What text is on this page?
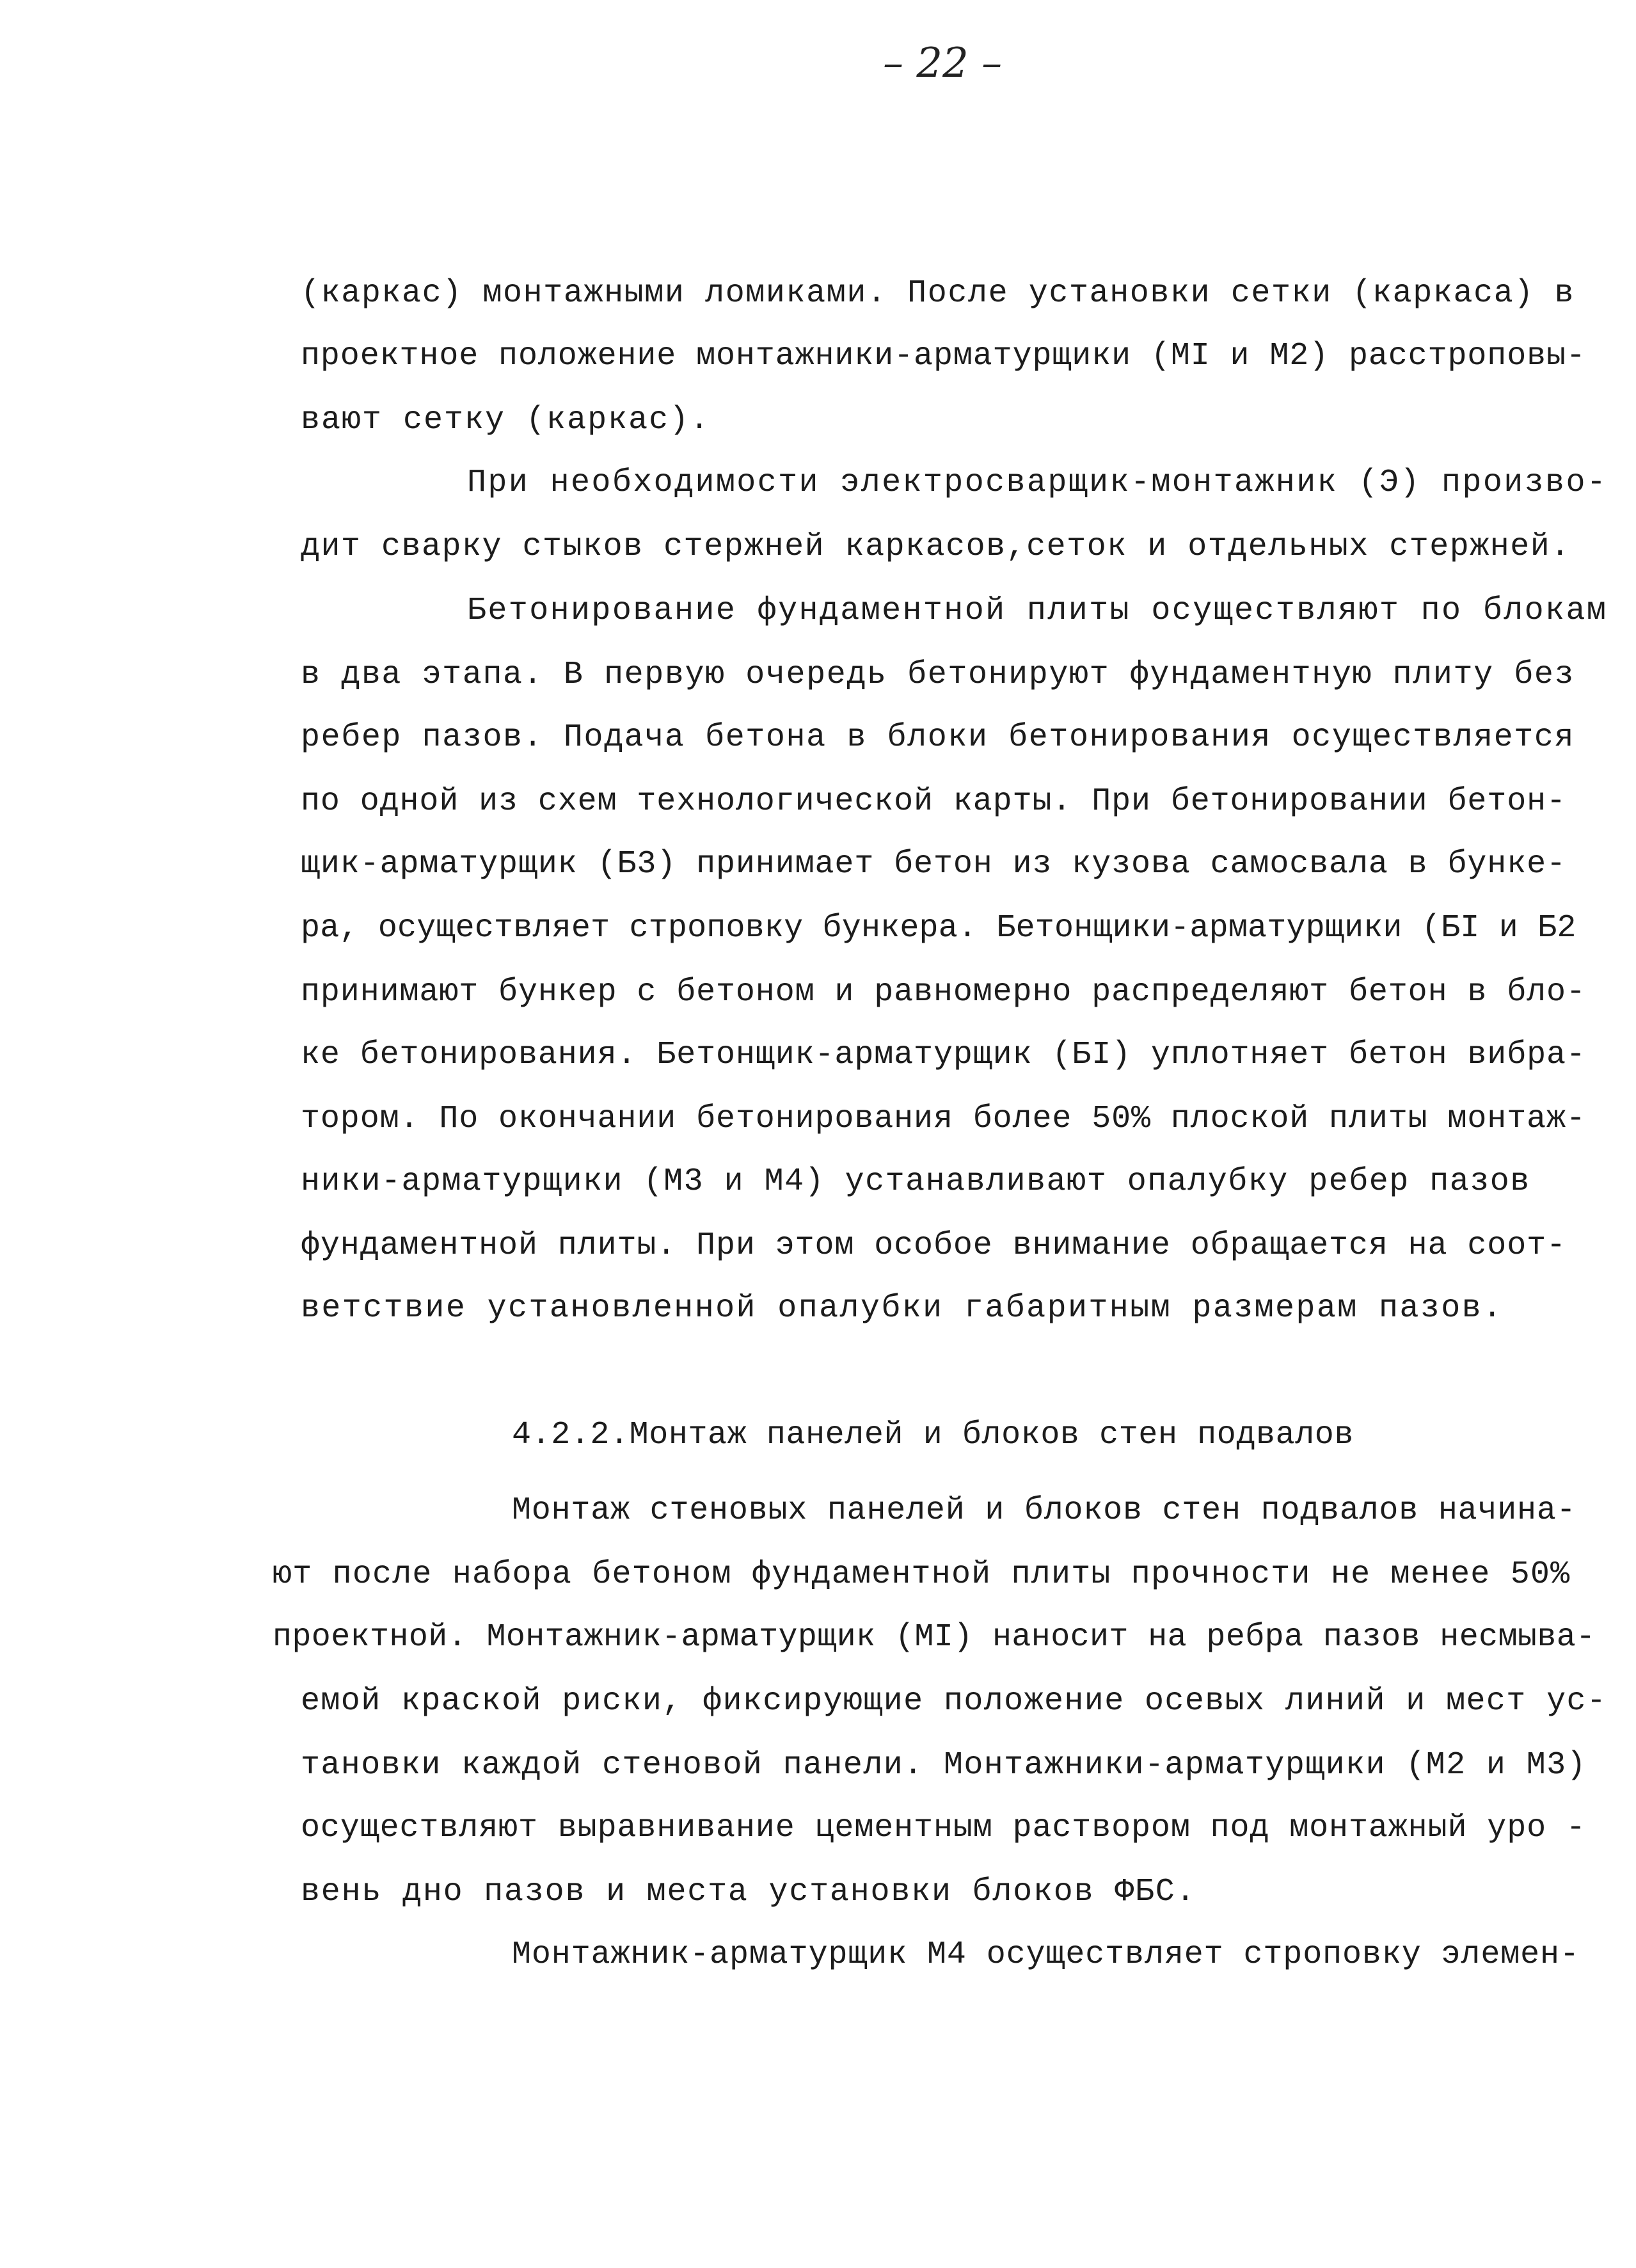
– 22 –
(каркас) монтажными ломиками. После установки сетки (каркаса) в
проектное положение монтажники-арматурщики (МI и М2) расстроповы-
вают сетку (каркас).
При необходимости электросварщик-монтажник (Э) произво-
дит сварку стыков стержней каркасов,сеток и отдельных стержней.
Бетонирование фундаментной плиты осуществляют по блокам
в два этапа. В первую очередь бетонируют фундаментную плиту без
ребер пазов. Подача бетона в блоки бетонирования осуществляется
по одной из схем технологической карты. При бетонировании бетон-
щик-арматурщик (Б3) принимает бетон из кузова самосвала в бунке-
ра, осуществляет строповку бункера. Бетонщики-арматурщики (БI и Б2
принимают бункер с бетоном и равномерно распределяют бетон в бло-
ке бетонирования. Бетонщик-арматурщик (БI) уплотняет бетон вибра-
тором. По окончании бетонирования более 50% плоской плиты монтаж-
ники-арматурщики (М3 и М4) устанавливают опалубку ребер пазов
фундаментной плиты. При этом особое внимание обращается на соот-
ветствие установленной опалубки габаритным размерам пазов.
4.2.2.Монтаж панелей и блоков стен подвалов
Монтаж стеновых панелей и блоков стен подвалов начина-
ют после набора бетоном фундаментной плиты прочности не менее 50%
проектной. Монтажник-арматурщик (МI) наносит на ребра пазов несмыва-
емой краской риски, фиксирующие положение осевых линий и мест ус-
тановки каждой стеновой панели. Монтажники-арматурщики (М2 и М3)
осуществляют выравнивание цементным раствором под монтажный уро -
вень дно пазов и места установки блоков ФБС.
Монтажник-арматурщик М4 осуществляет строповку элемен-
